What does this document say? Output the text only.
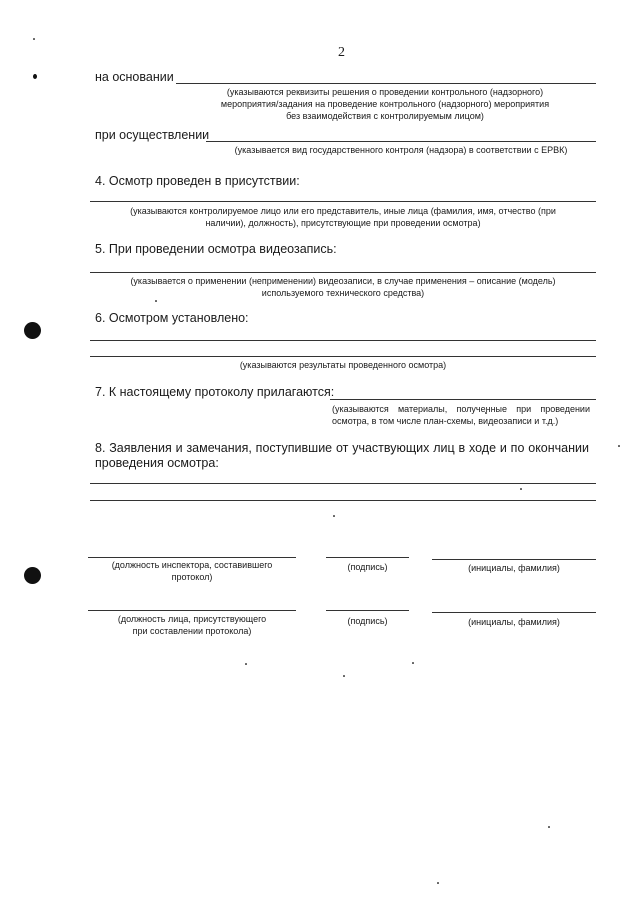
2
на основании
(указываются реквизиты решения о проведении контрольного (надзорного)
мероприятия/задания на проведение контрольного (надзорного) мероприятия
без взаимодействия с контролируемым лицом)
при осуществлении
(указывается вид государственного контроля (надзора) в соответствии с ЕРВК)
4. Осмотр проведен в присутствии:
(указываются контролируемое лицо или его представитель, иные лица (фамилия, имя, отчество (при
наличии), должность), присутствующие при проведении осмотра)
5. При проведении осмотра видеозапись:
(указывается о применении (неприменении) видеозаписи, в случае применения – описание (модель)
используемого технического средства)
6. Осмотром установлено:
(указываются результаты проведенного осмотра)
7. К настоящему протоколу прилагаются:
(указываются материалы, полученные при проведении
осмотра, в том числе план-схемы, видеозаписи и т.д.)
8. Заявления и замечания, поступившие от участвующих лиц в ходе и по окончании
проведения осмотра:
(должность инспектора, составившего
протокол)
(подпись)	(инициалы, фамилия)
(должность лица, присутствующего
при составлении протокола)
(подпись)	(инициалы, фамилия)
